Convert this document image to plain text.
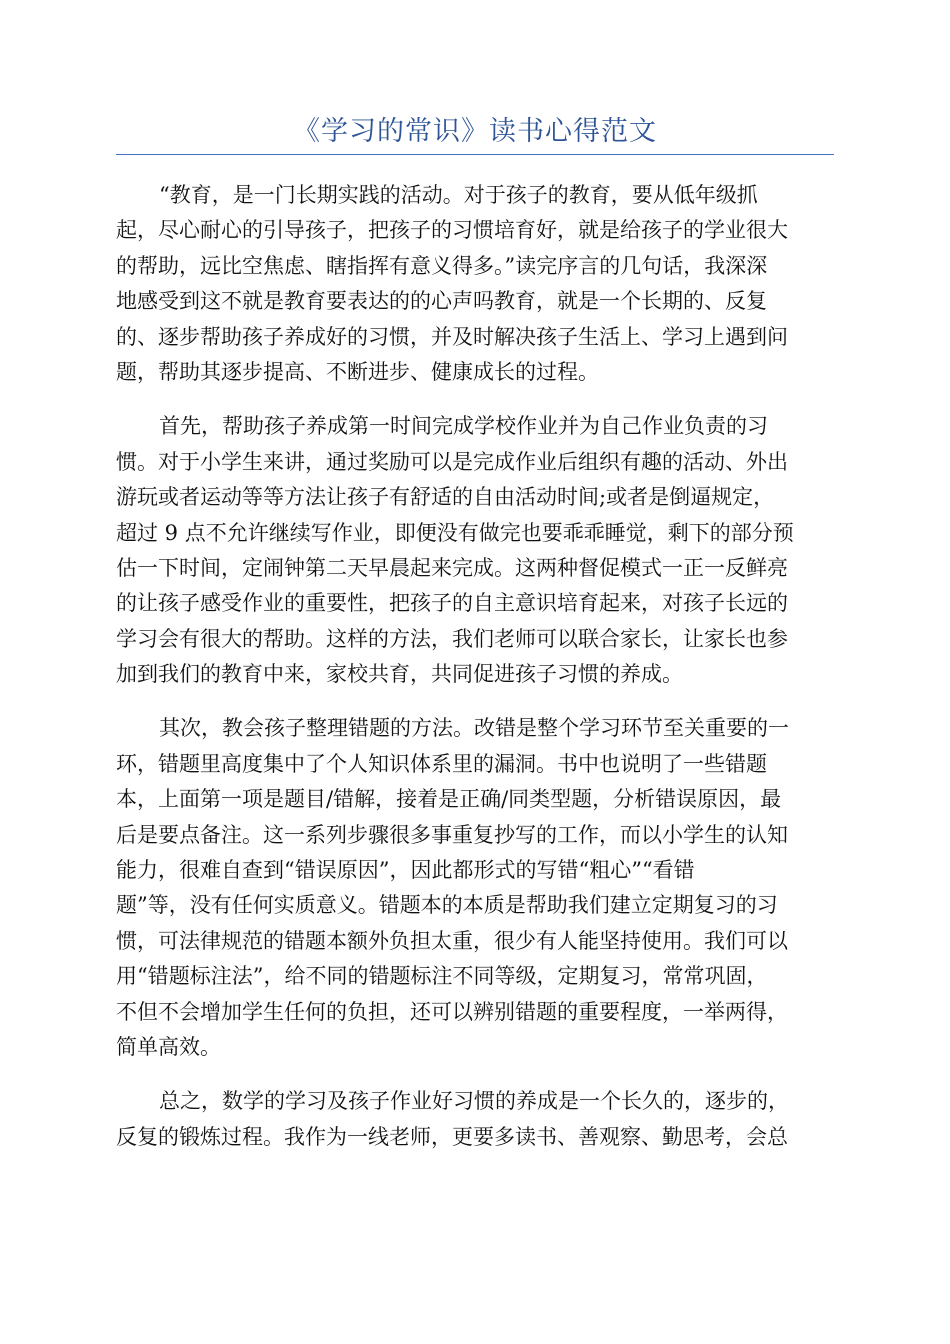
《学习的常识》读书心得范文
“教育，是一门长期实践的活动。对于孩子的教育，要从低年级抓
起，尽心耐心的引导孩子，把孩子的习惯培育好，就是给孩子的学业很大
的帮助，远比空焦虑、瞎指挥有意义得多。”读完序言的几句话，我深深
地感受到这不就是教育要表达的的心声吗教育，就是一个长期的、反复
的、逐步帮助孩子养成好的习惯，并及时解决孩子生活上、学习上遇到问
题，帮助其逐步提高、不断进步、健康成长的过程。
首先，帮助孩子养成第一时间完成学校作业并为自己作业负责的习
惯。对于小学生来讲，通过奖励可以是完成作业后组织有趣的活动、外出
游玩或者运动等等方法让孩子有舒适的自由活动时间;或者是倒逼规定，
超过 9 点不允许继续写作业，即便没有做完也要乖乖睡觉，剩下的部分预
估一下时间，定闹钟第二天早晨起来完成。这两种督促模式一正一反鲜亮
的让孩子感受作业的重要性，把孩子的自主意识培育起来，对孩子长远的
学习会有很大的帮助。这样的方法，我们老师可以联合家长，让家长也参
加到我们的教育中来，家校共育，共同促进孩子习惯的养成。
其次，教会孩子整理错题的方法。改错是整个学习环节至关重要的一
环，错题里高度集中了个人知识体系里的漏洞。书中也说明了一些错题
本，上面第一项是题目/错解，接着是正确/同类型题，分析错误原因，最
后是要点备注。这一系列步骤很多事重复抄写的工作，而以小学生的认知
能力，很难自查到“错误原因”，因此都形式的写错“粗心”“看错
题”等，没有任何实质意义。错题本的本质是帮助我们建立定期复习的习
惯，可法律规范的错题本额外负担太重，很少有人能坚持使用。我们可以
用“错题标注法”，给不同的错题标注不同等级，定期复习，常常巩固，
不但不会增加学生任何的负担，还可以辨别错题的重要程度，一举两得，
简单高效。
总之，数学的学习及孩子作业好习惯的养成是一个长久的，逐步的，
反复的锻炼过程。我作为一线老师，更要多读书、善观察、勤思考，会总
